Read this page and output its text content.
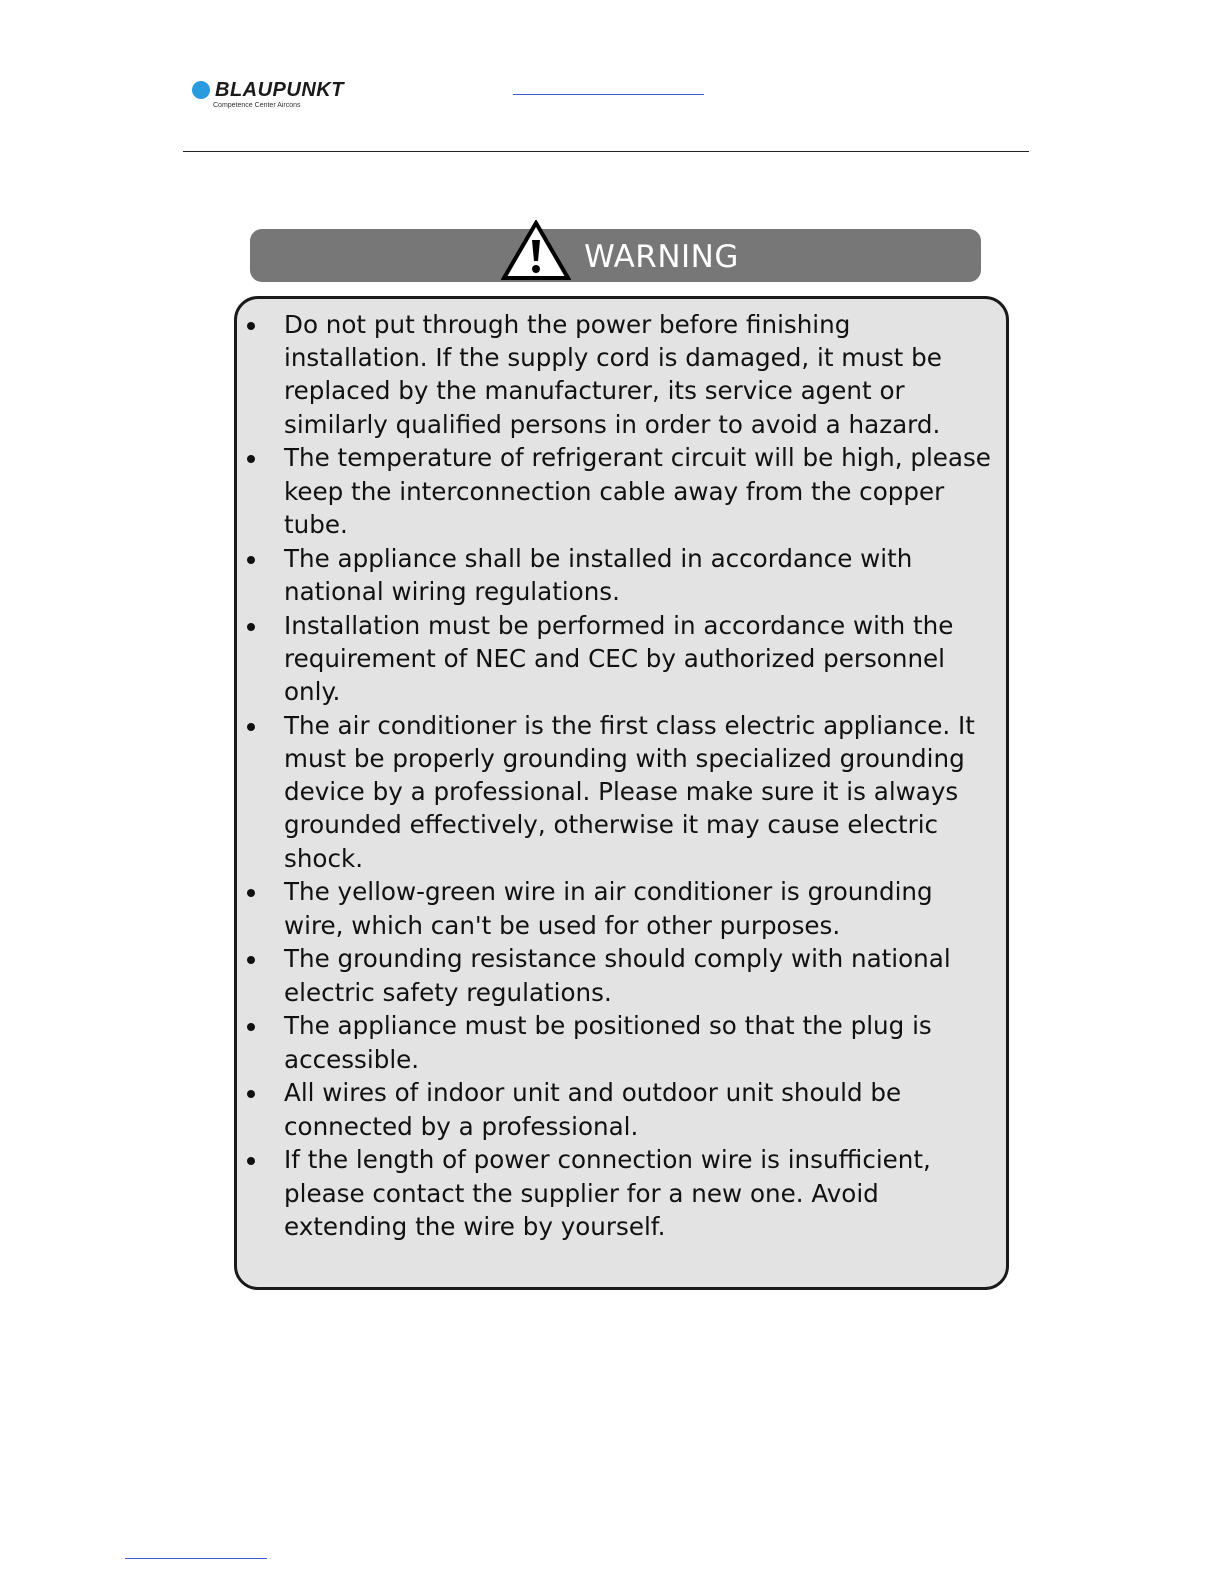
BLAUPUNKT
Competence Center Aircons
WARNING
Do not put through the power before finishing installation. If the supply cord is damaged, it must be replaced by the manufacturer, its service agent or similarly qualified persons in order to avoid a hazard.
The temperature of refrigerant circuit will be high, please keep the interconnection cable away from the copper tube.
The appliance shall be installed in accordance with national wiring regulations.
Installation must be performed in accordance with the requirement of NEC and CEC by authorized personnel only.
The air conditioner is the first class electric appliance. It must be properly grounding with specialized grounding device by a professional. Please make sure it is always grounded effectively, otherwise it may cause electric shock.
The yellow-green wire in air conditioner is grounding wire, which can't be used for other purposes.
The grounding resistance should comply with national electric safety regulations.
The appliance must be positioned so that the plug is accessible.
All wires of indoor unit and outdoor unit should be connected by a professional.
If the length of power connection wire is insufficient, please contact the supplier for a new one. Avoid extending the wire by yourself.
